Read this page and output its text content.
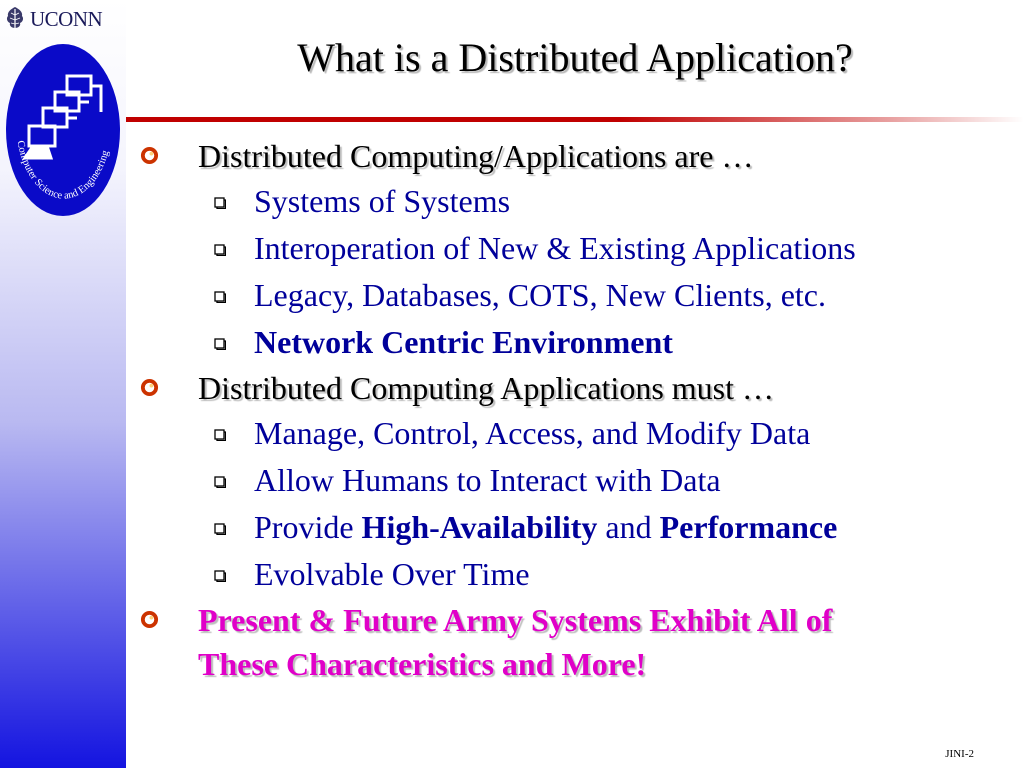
UCONN
Computer Science and Engineering
What is a Distributed Application?
Distributed Computing/Applications are …
Systems of Systems
Interoperation of New & Existing Applications
Legacy, Databases, COTS, New Clients, etc.
Network Centric Environment
Distributed Computing Applications must …
Manage, Control, Access, and Modify Data
Allow Humans to Interact with Data
Provide High-Availability and Performance
Evolvable Over Time
Present & Future Army Systems Exhibit All of
These Characteristics and More!
JINI-2
